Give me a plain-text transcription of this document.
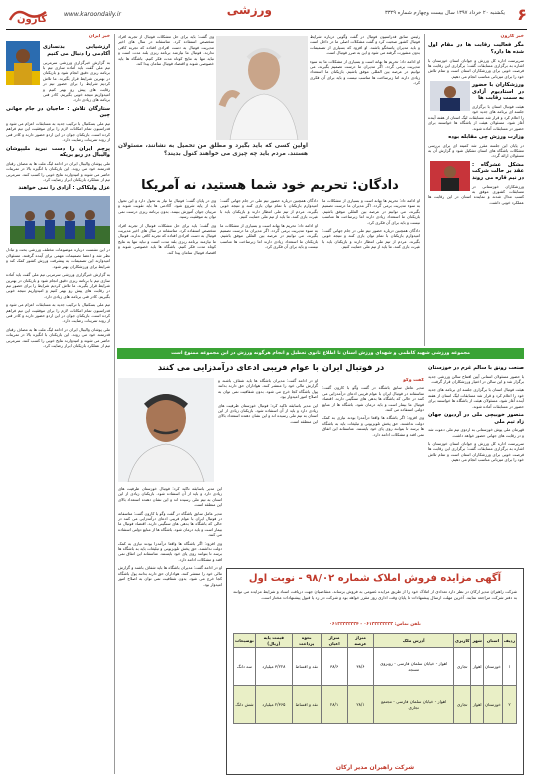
۶
ورزشی	یکشنبه ۲۰ خرداد ۱۳۹۷ سال بیست وچهارم شماره ۳۳۲۹
www.karoondaily.ir
کارون
خبر ایران
ارزشیابی بدنسازی آکادمی را دنبال می کنیم

به گزارش خبرگزاری ورزشی سرمربی تیم ملی گفت باید آماده سازی تیم با برنامه ریزی دقیق انجام شود و بازیکنان در بهترین شرایط قرار بگیرند. ما تلاش کردیم شرایط را برای حضور تیم در رقابت های پیش رو بهتر کنیم و امیدواریم نتیجه خوبی بگیریم. کادر فنی برنامه های زیادی دارد.

ستارگان تلاش : حاجیان در جام جهانی چین

تیم ملی بسکتبال با ترکیب جدید به مسابقات اعزام می شود و فدراسیون تمام امکانات لازم را برای موفقیت این تیم فراهم کرده است. بازیکنان جوان در این اردو حضور دارند و کادر فنی از روند تمرینات رضایت دارد.

پرچم ایران را دست نبرید ملیپوشان والیبال در ریو بریکه

ملی پوشان والیبال ایران در ادامه لیگ ملت ها به مصاف رقبای قدرتمند خود می روند. این بازیکنان با انگیزه بالا در تمرینات حاضر می شوند و امیدوارند نتایج خوبی را کسب کنند. سرمربی تیم از عملکرد بازیکنان ابراز رضایت کرد.

عزل ولیکاکی : آزادی را نمی خواهند

در این نشست درباره موضوعات مختلف ورزشی بحث و تبادل نظر شد و اعضا تصمیمات مهمی برای آینده گرفتند. مسئولان امیدوارند این تصمیمات به پیشرفت ورزش کشور کمک کند و شرایط برای ورزشکاران بهتر شود.

به گزارش خبرگزاری ورزشی سرمربی تیم ملی گفت باید آماده سازی تیم با برنامه ریزی دقیق انجام شود و بازیکنان در بهترین شرایط قرار بگیرند. ما تلاش کردیم شرایط را برای حضور تیم در رقابت های پیش رو بهتر کنیم و امیدواریم نتیجه خوبی بگیریم. کادر فنی برنامه های زیادی دارد.

تیم ملی بسکتبال با ترکیب جدید به مسابقات اعزام می شود و فدراسیون تمام امکانات لازم را برای موفقیت این تیم فراهم کرده است. بازیکنان جوان در این اردو حضور دارند و کادر فنی از روند تمرینات رضایت دارد.

ملی پوشان والیبال ایران در ادامه لیگ ملت ها به مصاف رقبای قدرتمند خود می روند. این بازیکنان با انگیزه بالا در تمرینات حاضر می شوند و امیدوارند نتایج خوبی را کسب کنند. سرمربی تیم از عملکرد بازیکنان ابراز رضایت کرد.

وی گفت: باید برای حل مشکلات فوتبال از تجربه افراد متخصص استفاده کرد. متاسفانه در سال های اخیر مدیریت فوتبال به دست افرادی افتاده که تجربه کافی ندارند. فوتبال ما نیازمند برنامه ریزی بلند مدت است و نباید تنها به نتایج کوتاه مدت فکر کنیم. باشگاه ها باید خصوصی شوند و اقتصاد فوتبال سامان پیدا کند.

رئیس سابق فدراسیون فوتبال در گفت وگویی درباره شرایط فوتبال کشور صحبت کرد و گفت مشکلات اصلی ما در داخل است و باید مدیران پاسخگو باشند. او افزود که بسیاری از تصمیمات بدون مشورت گرفته می شود و این به ضرر فوتبال است.

او ادامه داد: تحریم ها بهانه است و بسیاری از مشکلات ما به سوء مدیریت برمی گردد. اگر مدیران ما درست تصمیم بگیرند، می توانیم در عرصه بین المللی موفق باشیم. بازیکنان ما استعداد زیادی دارند اما زیرساخت ها مناسب نیست و باید برای آن فکری کرد.

اولین کسی که باید بگیرد و مطلق من تحمیل به نشانند، مسئولان هستند. مردم باید چه چیزی می خواهند کنول بدیند؟
دادگان: تحریم خود شما هستید، نه آمریکا

وی در پایان گفت: فوتبال ما نیاز به تحول دارد و این تحول باید از پایه شروع شود. آکادمی ها باید تقویت شوند و مربیان جوان آموزش ببینند. بدون برنامه ریزی درست نمی توان به موفقیت رسید.

وی گفت: باید برای حل مشکلات فوتبال از تجربه افراد متخصص استفاده کرد. متاسفانه در سال های اخیر مدیریت فوتبال به دست افرادی افتاده که تجربه کافی ندارند. فوتبال ما نیازمند برنامه ریزی بلند مدت است و نباید تنها به نتایج کوتاه مدت فکر کنیم. باشگاه ها باید خصوصی شوند و اقتصاد فوتبال سامان پیدا کند.

دادگان همچنین درباره حضور تیم ملی در جام جهانی گفت: امیدوارم بازیکنان با تمام توان بازی کنند و نتیجه خوبی بگیرند. مردم از تیم ملی انتظار دارند و بازیکنان باید با غیرت بازی کنند. ما باید از تیم ملی حمایت کنیم.

او ادامه داد: تحریم ها بهانه است و بسیاری از مشکلات ما به سوء مدیریت برمی گردد. اگر مدیران ما درست تصمیم بگیرند، می توانیم در عرصه بین المللی موفق باشیم. بازیکنان ما استعداد زیادی دارند اما زیرساخت ها مناسب نیست و باید برای آن فکری کرد.

او ادامه داد: تحریم ها بهانه است و بسیاری از مشکلات ما به سوء مدیریت برمی گردد. اگر مدیران ما درست تصمیم بگیرند، می توانیم در عرصه بین المللی موفق باشیم. بازیکنان ما استعداد زیادی دارند اما زیرساخت ها مناسب نیست و باید برای آن فکری کرد.

دادگان همچنین درباره حضور تیم ملی در جام جهانی گفت: امیدوارم بازیکنان با تمام توان بازی کنند و نتیجه خوبی بگیرند. مردم از تیم ملی انتظار دارند و بازیکنان باید با غیرت بازی کنند. ما باید از تیم ملی حمایت کنیم.

خبر کارون
مگر فعالیت رقابت ها در مقام اول شده ها دارد؟

سرپرست اداره کل ورزش و جوانان استان خوزستان با اشاره به برگزاری مسابقات گفت: برگزاری این رقابت ها فرصت خوبی برای ورزشکاران استان است و تمام تلاش خود را برای میزبانی مناسب انجام می دهیم.

ورزشکاران با حضور در استادیوم آزادی به سمت رقابت ها

هیئت فوتبال استان با برگزاری جلسه ای برنامه های جدید خود را اعلام کرد و قرار شد مسابقات لیگ استان از هفته آینده آغاز شود. مسئولان هیئت از باشگاه ها خواستند برای حضور در مسابقات آماده شوند.

وزارت ورزش چی مقابله بوده

در پایان این جلسه مقرر شد کمیته ای برای بررسی مشکلات باشگاه های استان تشکیل شود و گزارش آن به مسئولان ارائه گردد.

مشکل عشرگاه : عقد بر حالت شرکت در نیم قاره می روند

ورزشکاران خوزستانی در مسابقات کشوری موفق به کسب مدال شدند و نماینده استان در این رقابت ها عملکرد خوبی داشت.

مجموعه ورزشی شهید کاظمی و شهدای ورزش استان تا اطلاع ثانوی تعطیل و انجام هرگونه ورزش در این مجموعه ممنوع است
صنعت رونق با سالم غرم در خوزستان

با حضور مسئولان استانی آیین افتتاح سالن ورزشی جدید برگزار شد و این سالن در اختیار ورزشکاران قرار گرفت.

هیئت فوتبال استان با برگزاری جلسه ای برنامه های جدید خود را اعلام کرد و قرار شد مسابقات لیگ استان از هفته آینده آغاز شود. مسئولان هیئت از باشگاه ها خواستند برای حضور در مسابقات آماده شوند.

منصور خوبیچی ملی در آردیون جهان زاد تیم ملی

قهرمان ملی پوش خوزستانی به اردوی تیم ملی دعوت شد و در رقابت های جهانی حضور خواهد داشت.

سرپرست اداره کل ورزش و جوانان استان خوزستان با اشاره به برگزاری مسابقات گفت: برگزاری این رقابت ها فرصت خوبی برای ورزشکاران استان است و تمام تلاش خود را برای میزبانی مناسب انجام می دهیم.

در فوتبال ایران با عوام فریبی ادعای درآمدزایی می کنند

این مدیر باسابقه تاکید کرد: فوتبال خوزستان ظرفیت های زیادی دارد و باید از آن استفاده شود. بازیکنان زیادی از این استان به تیم ملی رسیده اند و این نشان دهنده استعداد بالای این منطقه است.

مدیر عامل سابق باشگاه در گفت وگو با کارون گفت: متاسفانه در فوتبال ایران با عوام فریبی ادعای درآمدزایی می کنند در حالی که باشگاه ها بدهی های سنگینی دارند. اقتصاد فوتبال ما بیمار است و باید درمان شود. باشگاه ها از منابع دولتی استفاده می کنند.

وی افزود: اگر باشگاه ها واقعا درآمدزا بودند نیازی به کمک دولت نداشتند. حق پخش تلویزیونی و تبلیغات باید به باشگاه ها برسد تا بتوانند روی پای خود بایستند. متاسفانه این اتفاق نمی افتد و مشکلات ادامه دارد.

او در ادامه گفت: مدیران باشگاه ها باید شفاف باشند و گزارش مالی خود را منتشر کنند. هواداران حق دارند بدانند پول باشگاه کجا خرج می شود. بدون شفافیت نمی توان به اصلاح امور امیدوار بود.

او در ادامه گفت: مدیران باشگاه ها باید شفاف باشند و گزارش مالی خود را منتشر کنند. هواداران حق دارند بدانند پول باشگاه کجا خرج می شود. بدون شفافیت نمی توان به اصلاح امور امیدوار بود.

این مدیر باسابقه تاکید کرد: فوتبال خوزستان ظرفیت های زیادی دارد و باید از آن استفاده شود. بازیکنان زیادی از این استان به تیم ملی رسیده اند و این نشان دهنده استعداد بالای این منطقه است.

گفت وگو

مدیر عامل سابق باشگاه در گفت وگو با کارون گفت: متاسفانه در فوتبال ایران با عوام فریبی ادعای درآمدزایی می کنند در حالی که باشگاه ها بدهی های سنگینی دارند. اقتصاد فوتبال ما بیمار است و باید درمان شود. باشگاه ها از منابع دولتی استفاده می کنند.

وی افزود: اگر باشگاه ها واقعا درآمدزا بودند نیازی به کمک دولت نداشتند. حق پخش تلویزیونی و تبلیغات باید به باشگاه ها برسد تا بتوانند روی پای خود بایستند. متاسفانه این اتفاق نمی افتد و مشکلات ادامه دارد.

آگهی مزایده فروش املاک شماره ۹۸/۰۲ - نوبت اول
شرکت راهبران مدیر ارکان در نظر دارد تعدادی از املاک خود را از طریق مزایده عمومی به فروش برساند. متقاضیان جهت دریافت اسناد و شرایط مزایده می توانند به دفتر شرکت مراجعه نمایند. آخرین مهلت ارسال پیشنهادات تا پایان وقت اداری روز مقرر خواهد بود و شرکت در رد یا قبول پیشنهادات مختار است.
تلفن تماس: ۰۶۱۳۳۳۳۳۳۳۳ - ۰۶۱۳۳۳۳۳۳۳۴
ردیف	استان	شهر	کاربری	آدرس ملک	متراژ عرصه	متراژ اعیان	نحوه پرداخت	قیمت پایه (ریال)	توضیحات
۱	خوزستان	اهواز	تجاری	اهواز - خیابان سلمان فارسی - روبروی مسجد	۳۸/۶	۳۸/۶	نقد و اقساط	۳/۲۲۸ میلیارد	سه دانگ
۲	خوزستان	اهواز	تجاری	اهواز - خیابان سلمان فارسی - مجتمع تجاری	۲۸/۱	۲۸/۱	نقد و اقساط	۲/۳۶۵ میلیارد	شش دانگ
شرکت راهبران مدیر ارکان
